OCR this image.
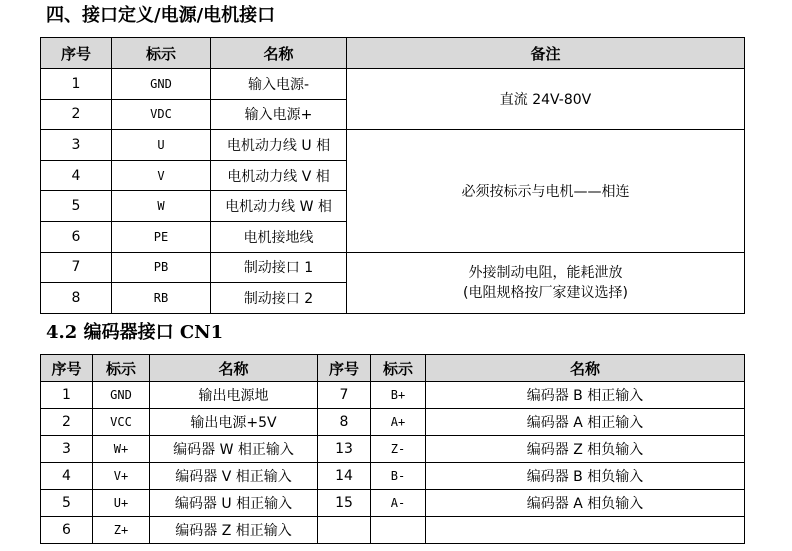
四、接口定义/电源/电机接口
序号	标示	名称	备注
1	GND	输入电源-	直流 24V-80V
2	VDC	输入电源+	
3	U	电机动力线 U 相	必须按标示与电机——相连
4	V	电机动力线 V 相	
5	W	电机动力线 W 相	
6	PE	电机接地线	
7	PB	制动接口 1	外接制动电阻，能耗泄放
(电阻规格按厂家建议选择)

8	RB	制动接口 2	
4.2 编码器接口 CN1
序号	标示	名称	序号	标示	名称
1	GND	输出电源地	7	B+	编码器 B 相正输入
2	VCC	输出电源+5V	8	A+	编码器 A 相正输入
3	W+	编码器 W 相正输入	13	Z-	编码器 Z 相负输入
4	V+	编码器 V 相正输入	14	B-	编码器 B 相负输入
5	U+	编码器 U 相正输入	15	A-	编码器 A 相负输入
6	Z+	编码器 Z 相正输入			
